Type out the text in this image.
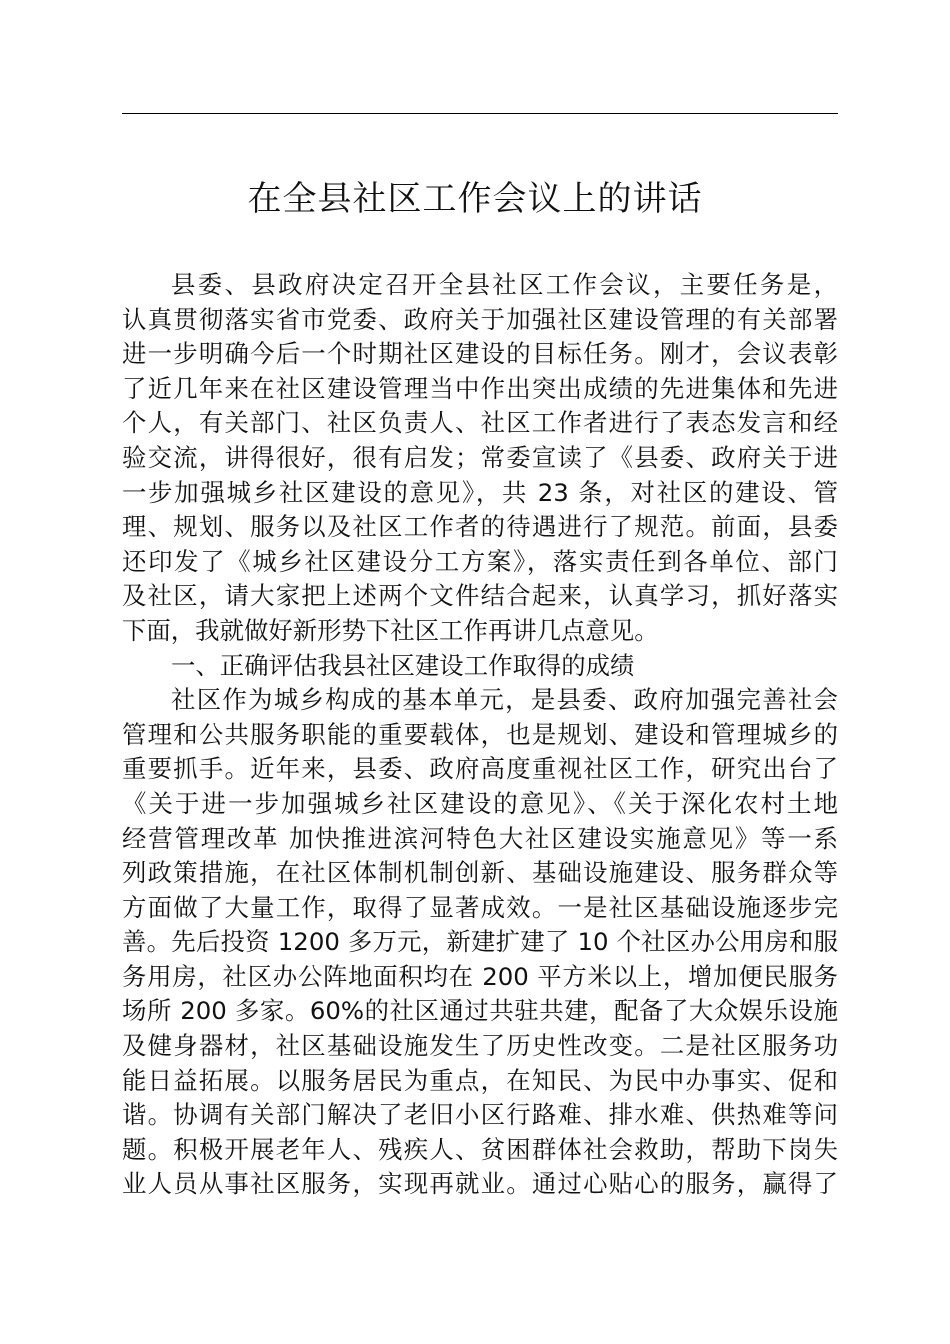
在全县社区工作会议上的讲话
县委、县政府决定召开全县社区工作会议，主要任务是，
认真贯彻落实省市党委、政府关于加强社区建设管理的有关部署
进一步明确今后一个时期社区建设的目标任务。刚才，会议表彰
了近几年来在社区建设管理当中作出突出成绩的先进集体和先进
个人，有关部门、社区负责人、社区工作者进行了表态发言和经
验交流，讲得很好，很有启发；常委宣读了《县委、政府关于进
一步加强城乡社区建设的意见》，共 23 条，对社区的建设、管
理、规划、服务以及社区工作者的待遇进行了规范。前面，县委
还印发了《城乡社区建设分工方案》，落实责任到各单位、部门
及社区，请大家把上述两个文件结合起来，认真学习，抓好落实
下面，我就做好新形势下社区工作再讲几点意见。
一、正确评估我县社区建设工作取得的成绩
社区作为城乡构成的基本单元，是县委、政府加强完善社会
管理和公共服务职能的重要载体，也是规划、建设和管理城乡的
重要抓手。近年来，县委、政府高度重视社区工作，研究出台了
《关于进一步加强城乡社区建设的意见》、《关于深化农村土地
经营管理改革 加快推进滨河特色大社区建设实施意见》等一系
列政策措施，在社区体制机制创新、基础设施建设、服务群众等
方面做了大量工作，取得了显著成效。一是社区基础设施逐步完
善。先后投资 1200 多万元，新建扩建了 10 个社区办公用房和服
务用房，社区办公阵地面积均在 200 平方米以上，增加便民服务
场所 200 多家。60%的社区通过共驻共建，配备了大众娱乐设施
及健身器材，社区基础设施发生了历史性改变。二是社区服务功
能日益拓展。以服务居民为重点，在知民、为民中办事实、促和
谐。协调有关部门解决了老旧小区行路难、排水难、供热难等问
题。积极开展老年人、残疾人、贫困群体社会救助，帮助下岗失
业人员从事社区服务，实现再就业。通过心贴心的服务，赢得了
